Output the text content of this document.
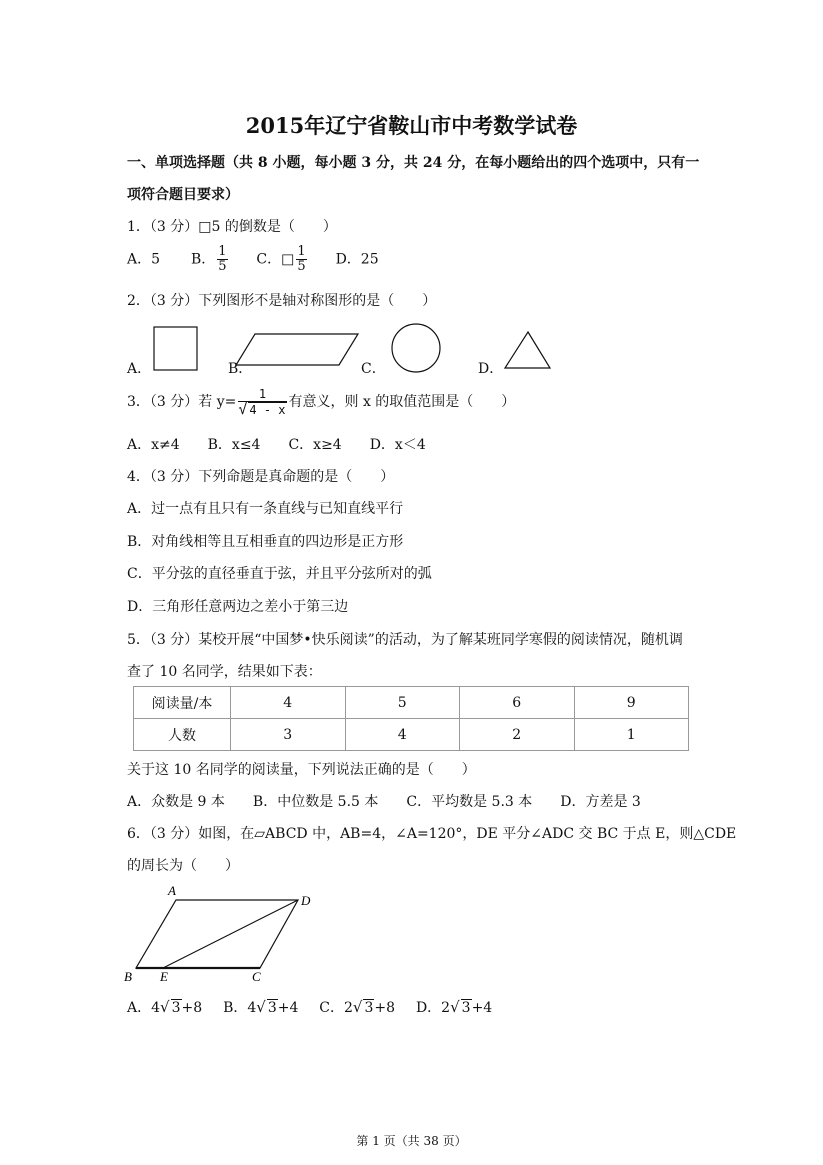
2015年辽宁省鞍山市中考数学试卷
一、单项选择题（共 8 小题，每小题 3 分，共 24 分，在每小题给出的四个选项中，只有一
项符合题目要求）
1．（3 分）□5 的倒数是（　　）
A．5 B． $\frac{1}{5}$ C．□ $\frac{1}{5}$ D．25
2．（3 分）下列图形不是轴对称图形的是（　　）
A．	B．	C．	D．
3．（3 分）若 $y= \frac{1}{√ 4 - x}$ 有意义，则 x 的取值范围是（　　）
A．x≠4　　B．x≤4　　C．x≥4　　D．x＜4
4．（3 分）下列命题是真命题的是（　　）
A．过一点有且只有一条直线与已知直线平行
B．对角线相等且互相垂直的四边形是正方形
C．平分弦的直径垂直于弦，并且平分弦所对的弧
D．三角形任意两边之差小于第三边
5．（3 分）某校开展“中国梦•快乐阅读”的活动，为了解某班同学寒假的阅读情况，随机调
查了 10 名同学，结果如下表：
阅读量/本	4	5	6	9
人数	3	4	2	1
关于这 10 名同学的阅读量，下列说法正确的是（　　）
A．众数是 9 本　　B．中位数是 5.5 本　　C．平均数是 5.3 本　　D．方差是 3
6．（3 分）如图，在▱ABCD 中，AB=4，∠A=120°，DE 平分∠ADC 交 BC 于点 E，则△CDE
的周长为（　　）
A
D
B E	C
A．4√ 3+8 B．4√ 3+4 C．2√ 3+8 D．2√ 3+4
第 1 页（共 38 页）
